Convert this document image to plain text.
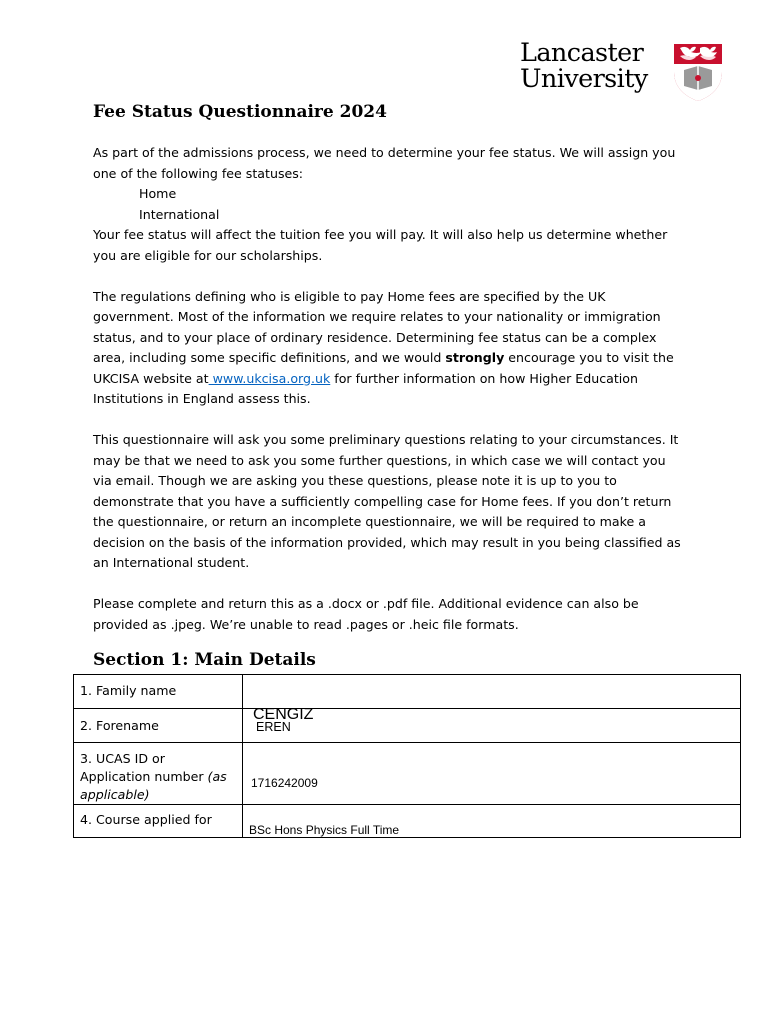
Lancaster
University
Fee Status Questionnaire 2024

As part of the admissions process, we need to determine your fee status. We will assign you one of the following fee statuses:

Home

International

Your fee status will affect the tuition fee you will pay. It will also help us determine whether you are eligible for our scholarships.

The regulations defining who is eligible to pay Home fees are specified by the UK government. Most of the information we require relates to your nationality or immigration status, and to your place of ordinary residence. Determining fee status can be a complex area, including some specific definitions, and we would strongly encourage you to visit the UKCISA website at www.ukcisa.org.uk for further information on how Higher Education Institutions in England assess this.

This questionnaire will ask you some preliminary questions relating to your circumstances. It may be that we need to ask you some further questions, in which case we will contact you via email. Though we are asking you these questions, please note it is up to you to demonstrate that you have a sufficiently compelling case for Home fees. If you don’t return the questionnaire, or return an incomplete questionnaire, we will be required to make a decision on the basis of the information provided, which may result in you being classified as an International student.

Please complete and return this as a .docx or .pdf file. Additional evidence can also be provided as .jpeg. We’re unable to read .pages or .heic file formats.

Section 1: Main Details
1. Family name	

2. Forename	CENGIZ
EREN

3. UCAS ID or Application number (as applicable)	1716242009

4. Course applied for	BSc Hons Physics Full Time
